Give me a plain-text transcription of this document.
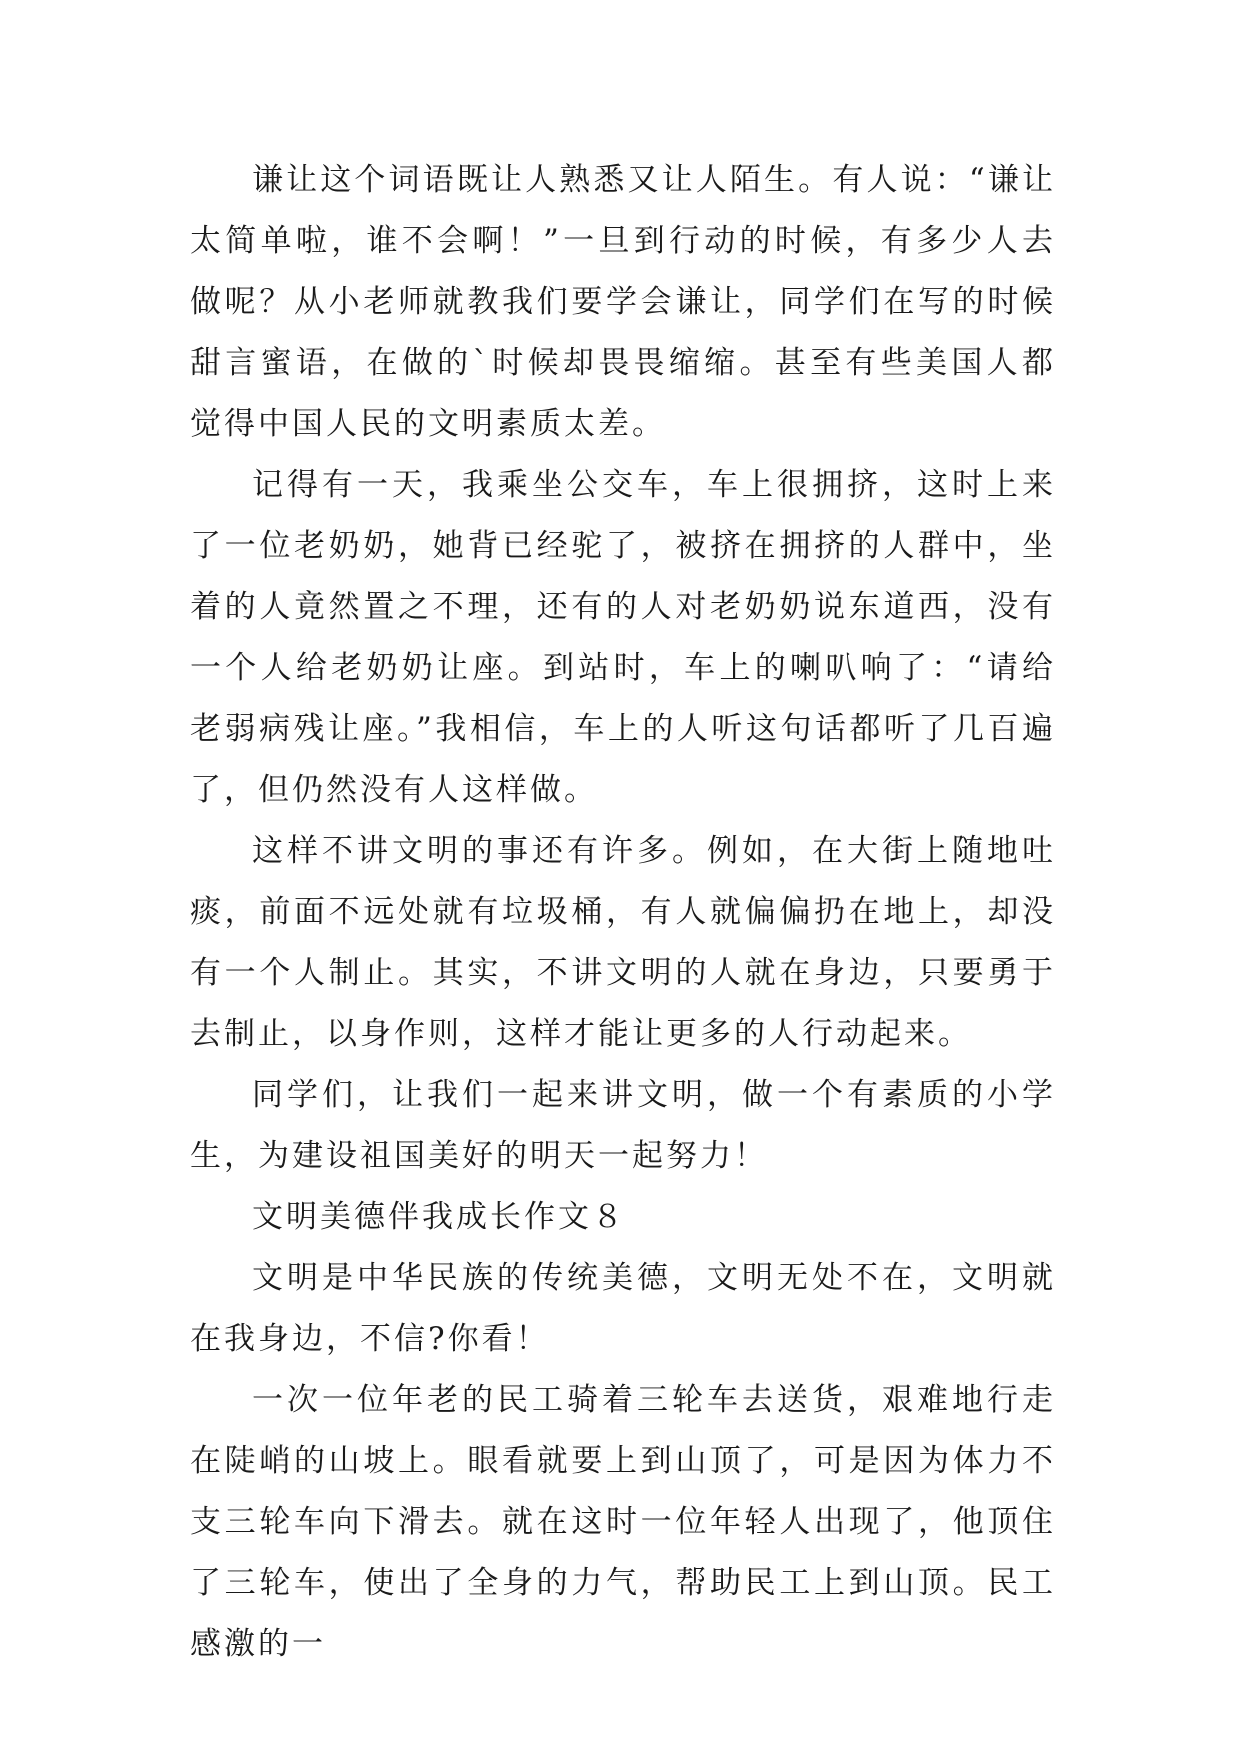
谦让这个词语既让人熟悉又让人陌生。有人说：“谦让太简单啦，谁不会啊！”一旦到行动的时候，有多少人去做呢？从小老师就教我们要学会谦让，同学们在写的时候甜言蜜语，在做的`时候却畏畏缩缩。甚至有些美国人都觉得中国人民的文明素质太差。

记得有一天，我乘坐公交车，车上很拥挤，这时上来了一位老奶奶，她背已经驼了，被挤在拥挤的人群中，坐着的人竟然置之不理，还有的人对老奶奶说东道西，没有一个人给老奶奶让座。到站时，车上的喇叭响了：“请给老弱病残让座。”我相信，车上的人听这句话都听了几百遍了，但仍然没有人这样做。

这样不讲文明的事还有许多。例如，在大街上随地吐痰，前面不远处就有垃圾桶，有人就偏偏扔在地上，却没有一个人制止。其实，不讲文明的人就在身边，只要勇于去制止，以身作则，这样才能让更多的人行动起来。

同学们，让我们一起来讲文明，做一个有素质的小学生，为建设祖国美好的明天一起努力！

文明美德伴我成长作文８

文明是中华民族的传统美德，文明无处不在，文明就在我身边，不信?你看！

一次一位年老的民工骑着三轮车去送货，艰难地行走在陡峭的山坡上。眼看就要上到山顶了，可是因为体力不支三轮车向下滑去。就在这时一位年轻人出现了，他顶住了三轮车，使出了全身的力气，帮助民工上到山顶。民工感激的一
